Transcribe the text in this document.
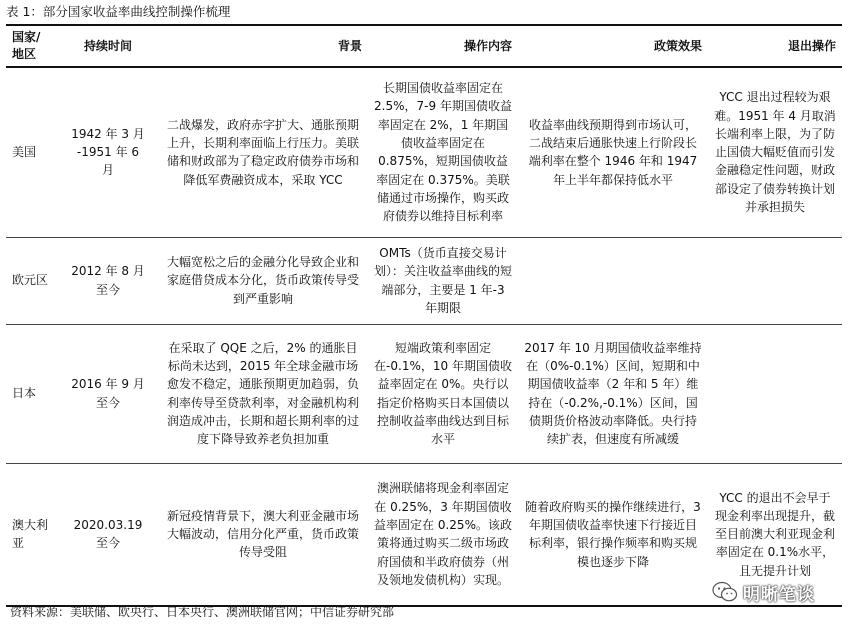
表 1：部分国家收益率曲线控制操作梳理
国家/
地区	持续时间	背景	操作内容	政策效果	退出操作
美国	1942 年 3 月
-1951 年 6
月	二战爆发，政府赤字扩大、通胀预期上升，长期利率面临上行压力。美联储和财政部为了稳定政府债券市场和降低军费融资成本，采取 YCC	长期国债收益率固定在 2.5%，7-9 年期国债收益率固定在 2%，1 年期国债收益率固定在 0.875%，短期国债收益率固定在 0.375%。美联储通过市场操作，购买政府债券以维持目标利率	收益率曲线预期得到市场认可，二战结束后通胀快速上行阶段长端利率在整个 1946 年和 1947 年上半年都保持低水平	YCC 退出过程较为艰难。1951 年 4 月取消长端利率上限，为了防止国债大幅贬值而引发金融稳定性问题，财政部设定了债券转换计划并承担损失
欧元区	2012 年 8 月
至今	大幅宽松之后的金融分化导致企业和家庭借贷成本分化，货币政策传导受到严重影响	OMTs（货币直接交易计划）：关注收益率曲线的短端部分，主要是 1 年-3 年期限		
日本	2016 年 9 月
至今	在采取了 QQE 之后，2% 的通胀目标尚未达到，2015 年全球金融市场愈发不稳定，通胀预期更加趋弱，负利率传导至贷款利率，对金融机构利润造成冲击，长期和超长期利率的过度下降导致养老负担加重	短端政策利率固定在-0.1%，10 年期国债收益率固定在 0%。央行以指定价格购买日本国债以控制收益率曲线达到目标水平	2017 年 10 月期国债收益率维持在（0%-0.1%）区间，短期和中期国债收益率（2 年和 5 年）维持在（-0.2%,-0.1%）区间，国债期货价格波动率降低。央行持续扩表，但速度有所减缓	
澳大利
亚	2020.03.19
至今	新冠疫情背景下，澳大利亚金融市场大幅波动，信用分化严重，货币政策传导受阻	澳洲联储将现金利率固定在 0.25%，3 年期国债收益率固定在 0.25%。该政策将通过购买二级市场政府国债和半政府债券（州及领地发债机构）实现。	随着政府购买的操作继续进行，3 年期国债收益率快速下行接近目标利率，银行操作频率和购买规模也逐步下降	YCC 的退出不会早于现金利率出现提升，截至目前澳大利亚现金利率固定在 0.1%水平，且无提升计划
资料来源：美联储、欧央行、日本央行、澳洲联储官网；中信证券研究部
明晰笔谈
